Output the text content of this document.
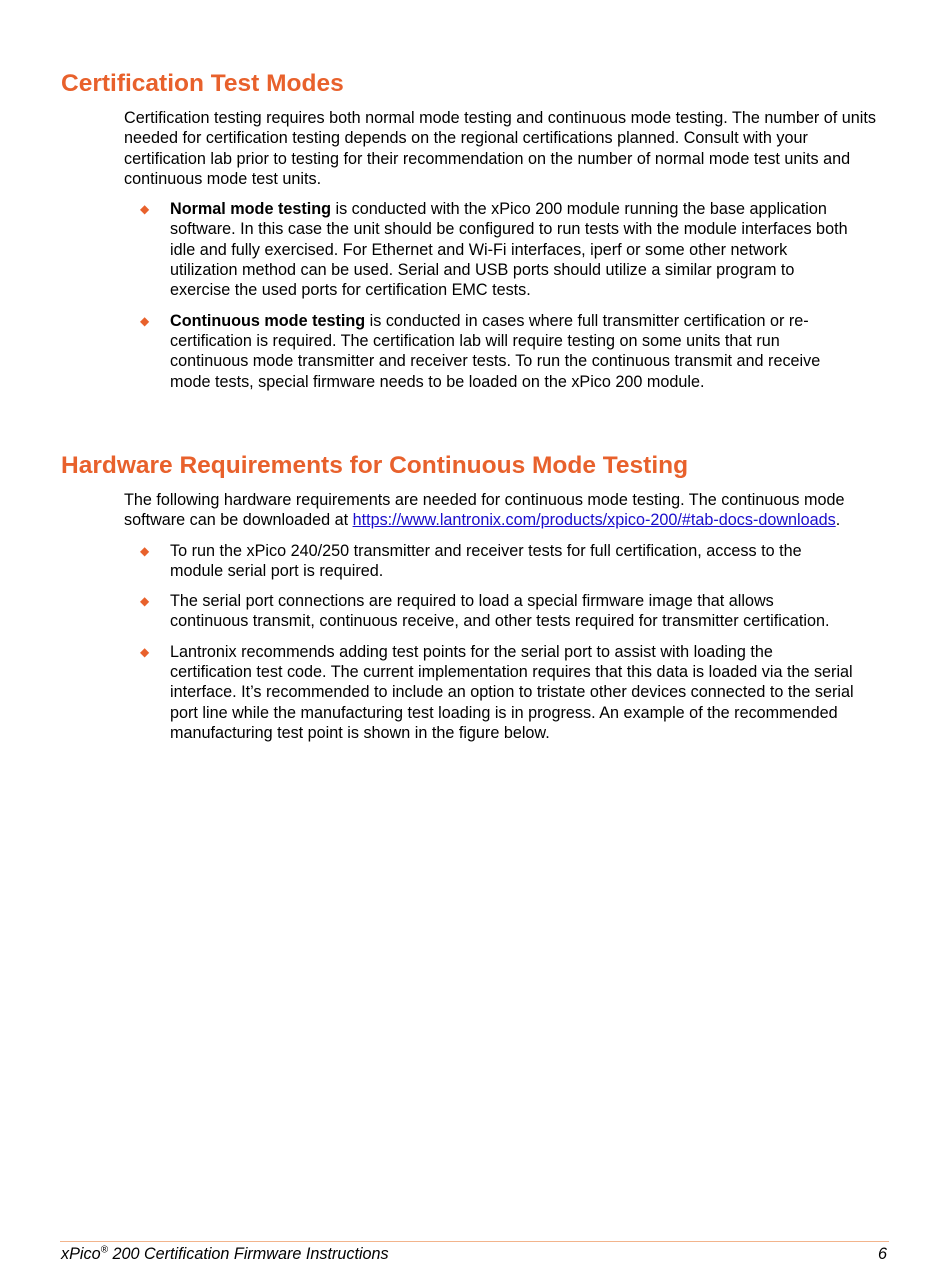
Certification Test Modes

Certification testing requires both normal mode testing and continuous mode testing. The number of units needed for certification testing depends on the regional certifications planned. Consult with your certification lab prior to testing for their recommendation on the number of normal mode test units and continuous mode test units.

◆ Normal mode testing is conducted with the xPico 200 module running the base application software. In this case the unit should be configured to run tests with the module interfaces both idle and fully exercised. For Ethernet and Wi-Fi interfaces, iperf or some other network utilization method can be used. Serial and USB ports should utilize a similar program to exercise the used ports for certification EMC tests.
◆ Continuous mode testing is conducted in cases where full transmitter certification or re-certification is required. The certification lab will require testing on some units that run continuous mode transmitter and receiver tests. To run the continuous transmit and receive mode tests, special firmware needs to be loaded on the xPico 200 module.
Hardware Requirements for Continuous Mode Testing

The following hardware requirements are needed for continuous mode testing. The continuous mode software can be downloaded at https://www.lantronix.com/products/xpico-200/#tab-docs-downloads.

◆ To run the xPico 240/250 transmitter and receiver tests for full certification, access to the module serial port is required.
◆ The serial port connections are required to load a special firmware image that allows continuous transmit, continuous receive, and other tests required for transmitter certification.
◆ Lantronix recommends adding test points for the serial port to assist with loading the certification test code. The current implementation requires that this data is loaded via the serial interface. It’s recommended to include an option to tristate other devices connected to the serial port line while the manufacturing test loading is in progress. An example of the recommended manufacturing test point is shown in the figure below.
xPico® 200 Certification Firmware Instructions	6
